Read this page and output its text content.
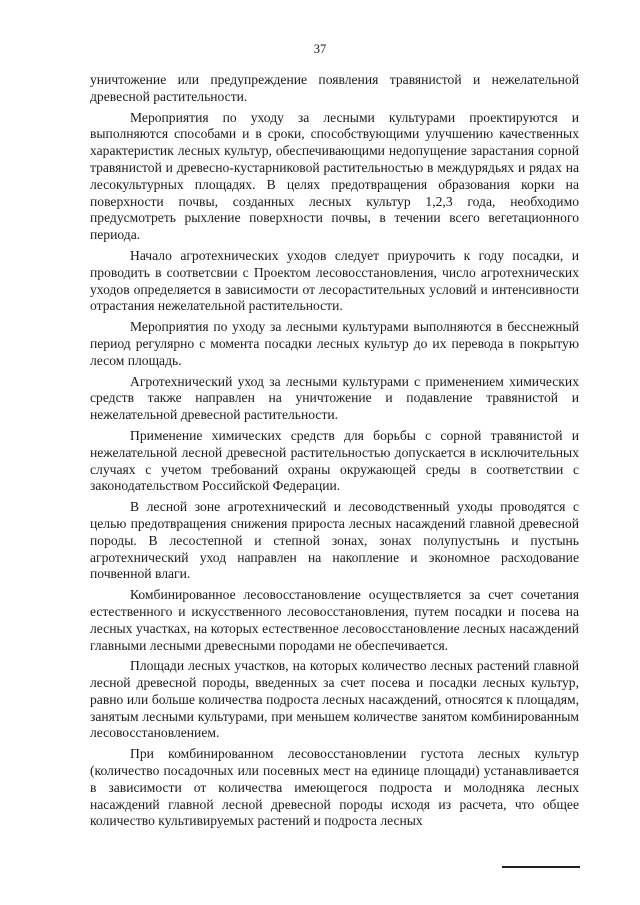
37

уничтожение или предупреждение появления травянистой и нежелательной древесной растительности.

Мероприятия по уходу за лесными культурами проектируются и выполняются способами и в сроки, способствующими улучшению качественных характеристик лесных культур, обеспечивающими недопущение зарастания сорной травянистой и древесно-кустарниковой растительностью в междурядьях и рядах на лесокультурных площадях. В целях предотвращения образования корки на поверхности почвы, созданных лесных культур 1,2,3 года, необходимо предусмотреть рыхление поверхности почвы, в течении всего вегетационного периода.

Начало агротехнических уходов следует приурочить к году посадки, и проводить в соответсвии с Проектом лесовосстановления, число агротехнических уходов определяется в зависимости от лесорастительных условий и интенсивности отрастания нежелательной растительности.

Мероприятия по уходу за лесными культурами выполняются в бесснежный период регулярно с момента посадки лесных культур до их перевода в покрытую лесом площадь.

Агротехнический уход за лесными культурами с применением химических средств также направлен на уничтожение и подавление травянистой и нежелательной древесной растительности.

Применение химических средств для борьбы с сорной травянистой и нежелательной лесной древесной растительностью допускается в исключительных случаях с учетом требований охраны окружающей среды в соответствии с законодательством Российской Федерации.

В лесной зоне агротехнический и лесоводственный уходы проводятся с целью предотвращения снижения прироста лесных насаждений главной древесной породы. В лесостепной и степной зонах, зонах полупустынь и пустынь агротехнический уход направлен на накопление и экономное расходование почвенной влаги.

Комбинированное лесовосстановление осуществляется за счет сочетания естественного и искусственного лесовосстановления, путем посадки и посева на лесных участках, на которых естественное лесовосстановление лесных насаждений главными лесными древесными породами не обеспечивается.

Площади лесных участков, на которых количество лесных растений главной лесной древесной породы, введенных за счет посева и посадки лесных культур, равно или больше количества подроста лесных насаждений, относятся к площадям, занятым лесными культурами, при меньшем количестве занятом комбинированным лесовосстановлением.

При комбинированном лесовосстановлении густота лесных культур (количество посадочных или посевных мест на единице площади) устанавливается в зависимости от количества имеющегося подроста и молодняка лесных насаждений главной лесной древесной породы исходя из расчета, что общее количество культивируемых растений и подроста лесных
